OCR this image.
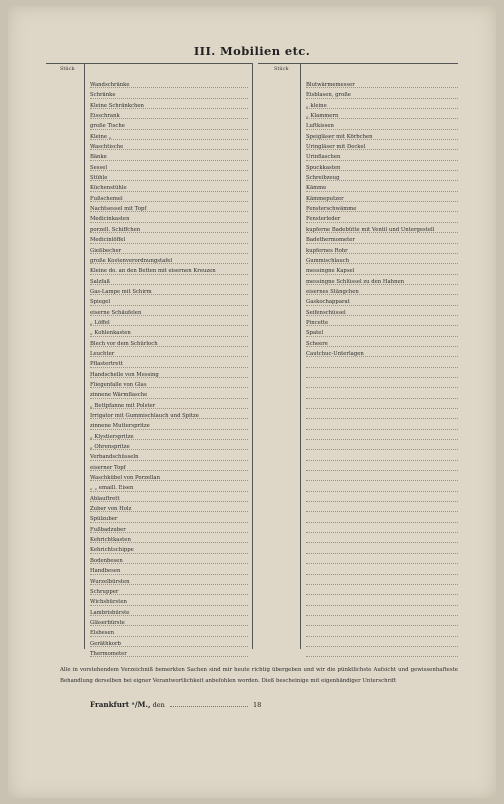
III. Mobilien etc.
Stück
Wandschränke
Schränke
Kleine Schränkchen
Eisschrank
große Tische
Kleine „
Waschtische
Bänke
Sessel
Stühle
Küchenstühle
Fußschemel
Nachtsessel mit Topf
Medicinkasten
porzell. Schiffchen
Medicinlöffel
Gießbecher
große Kostenverordnungstafel
Kleine do. an den Betten mit eisernen Kreuzen
Salzfaß
Gas-Lampe mit Schirm
Spiegel
eiserne Schäufelen
„ Löffel
„ Kohlenkasten
Blech vor dem Schürloch
Leuchter
Pflastertrett
Handschelle von Messing
Fliegenfalle von Glas
zinnene Wärmflasche
„ Bettpfanne mit Polster
Irrigator mit Gummischlauch und Spitze
zinnene Mutterspritze
„ Klystierspritze
„ Ohrenspritze
Verbandschüsseln
eiserner Topf
Waschkübel von Porzellan
„ „ emaill. Eisen
Ablauftrett
Zuber von Holz
Spülzuber
Fußbadzuber
Kehrichtkasten
Kehrichtschippe
Bodenbesen
Handbesen
Wurzelbürsten
Schrupper
Wichsbürsten
Lambrisbürste
Gläserbürste
Elsbesen
Geräthkorb
Thermometer
Stück
Blutwärmemesser
Eisblasen, große
„ kleine
„ Klammern
Luftkissen
Speigläser mit Körbchen
Uringläser mit Deckel
Urinflaschen
Spuckkasten
Schreibzeug
Kämme
Kämmeputzer
Fensterschwämme
Fensterleder
kupferne Badebütte mit Ventil und Untergestell
Badethermometer
kupfernes Rohr
Gummischlauch
messingne Kapsel
messingne Schlüssel zu den Hahnen
eisernes Stängchen
Gaskochapparat
Seifenschüssel
Pincette
Spatel
Scheere
Cautchuc-Unterlagen
Alle in vorstehendem Verzeichniß bemerkten Sachen sind mir heute richtig übergeben und wir die pünktlichste Aufsicht und gewissenhafteste Behandlung derselben bei eigner Verantwortlichkeit anbefohlen worden. Dieß bescheinige mit eigenhändiger Unterschrift
Frankfurt ᵃ/M., den	18
